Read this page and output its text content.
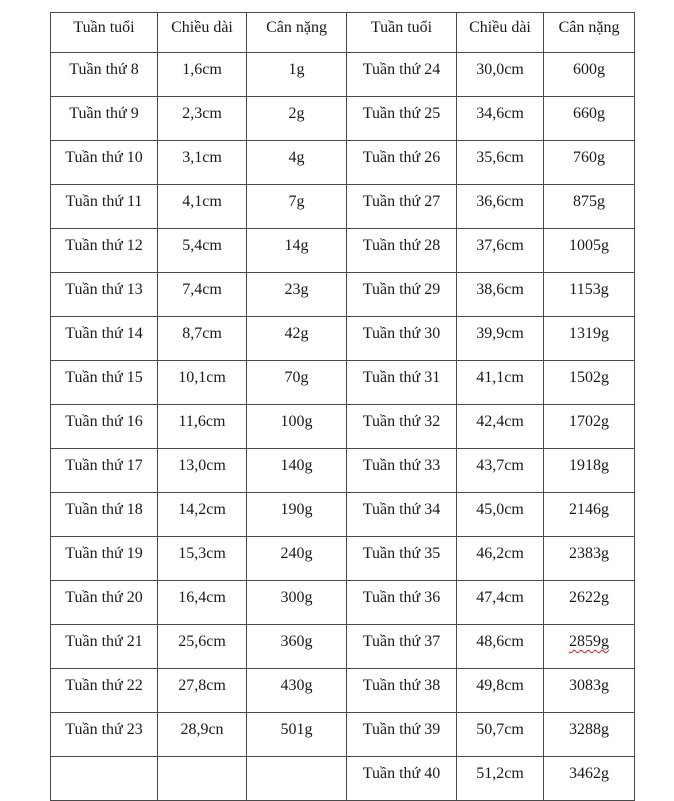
Tuần tuổi	Chiều dài	Cân nặng	Tuần tuổi	Chiều dài	Cân nặng
Tuần thứ 8	1,6cm	1g	Tuần thứ 24	30,0cm	600g
Tuần thứ 9	2,3cm	2g	Tuần thứ 25	34,6cm	660g
Tuần thứ 10	3,1cm	4g	Tuần thứ 26	35,6cm	760g
Tuần thứ 11	4,1cm	7g	Tuần thứ 27	36,6cm	875g
Tuần thứ 12	5,4cm	14g	Tuần thứ 28	37,6cm	1005g
Tuần thứ 13	7,4cm	23g	Tuần thứ 29	38,6cm	1153g
Tuần thứ 14	8,7cm	42g	Tuần thứ 30	39,9cm	1319g
Tuần thứ 15	10,1cm	70g	Tuần thứ 31	41,1cm	1502g
Tuần thứ 16	11,6cm	100g	Tuần thứ 32	42,4cm	1702g
Tuần thứ 17	13,0cm	140g	Tuần thứ 33	43,7cm	1918g
Tuần thứ 18	14,2cm	190g	Tuần thứ 34	45,0cm	2146g
Tuần thứ 19	15,3cm	240g	Tuần thứ 35	46,2cm	2383g
Tuần thứ 20	16,4cm	300g	Tuần thứ 36	47,4cm	2622g
Tuần thứ 21	25,6cm	360g	Tuần thứ 37	48,6cm	2859g
Tuần thứ 22	27,8cm	430g	Tuần thứ 38	49,8cm	3083g
Tuần thứ 23	28,9cn	501g	Tuần thứ 39	50,7cm	3288g
			Tuần thứ 40	51,2cm	3462g
